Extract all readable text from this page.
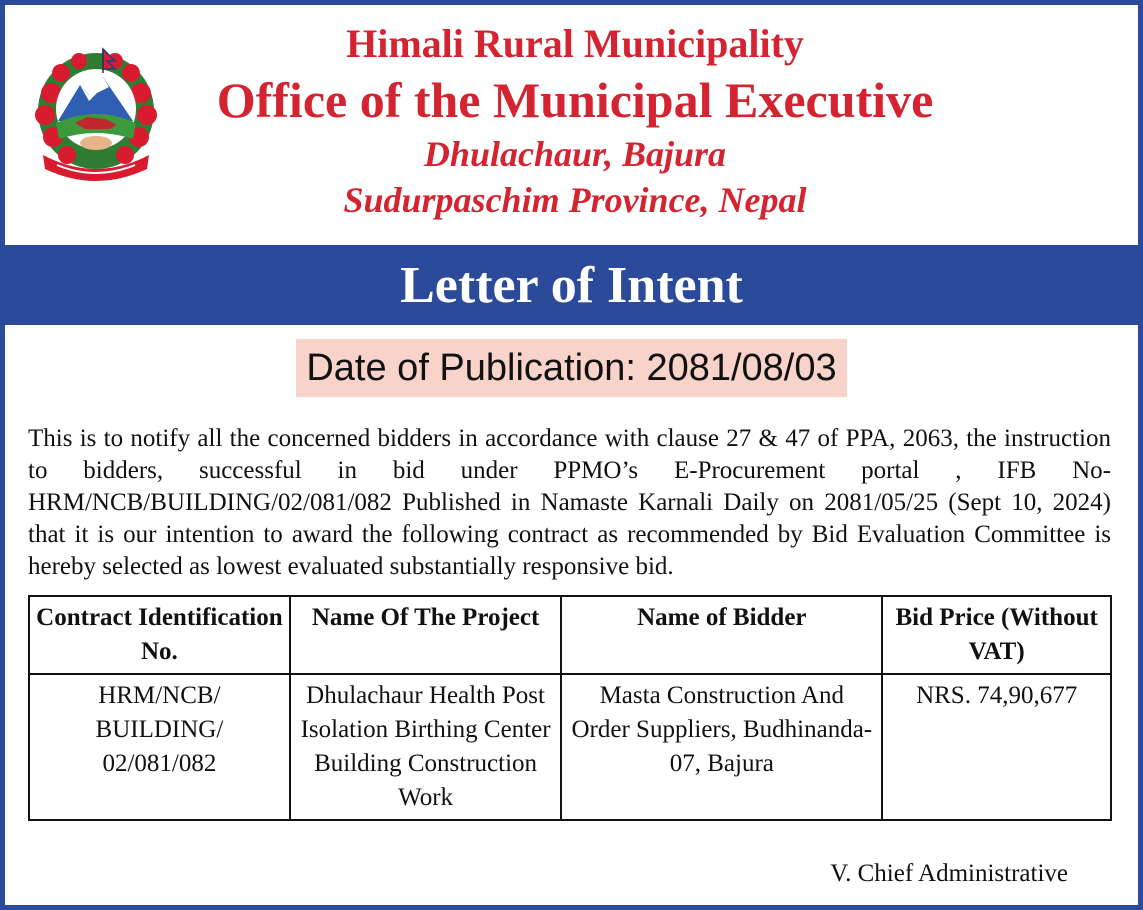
Himali Rural Municipality
Office of the Municipal Executive
Dhulachaur, Bajura
Sudurpaschim Province, Nepal
Letter of Intent
Date of Publication: 2081/08/03

This is to notify all the concerned bidders in accordance with clause 27 & 47 of PPA, 2063, the instruction to bidders, successful in bid under PPMO’s E-Procurement portal , IFB No- HRM/NCB/BUILDING/02/081/082 Published in Namaste Karnali Daily on 2081/05/25 (Sept 10, 2024) that it is our intention to award the following contract as recommended by Bid Evaluation Committee is hereby selected as lowest evaluated substantially responsive bid.

Contract Identification No.	Name Of The Project	Name of Bidder	Bid Price (Without VAT)
HRM/NCB/ BUILDING/ 02/081/082	Dhulachaur Health Post Isolation Birthing Center Building Construction Work	Masta Construction And Order Suppliers, Budhinanda-07, Bajura	NRS. 74,90,677
V. Chief Administrative
